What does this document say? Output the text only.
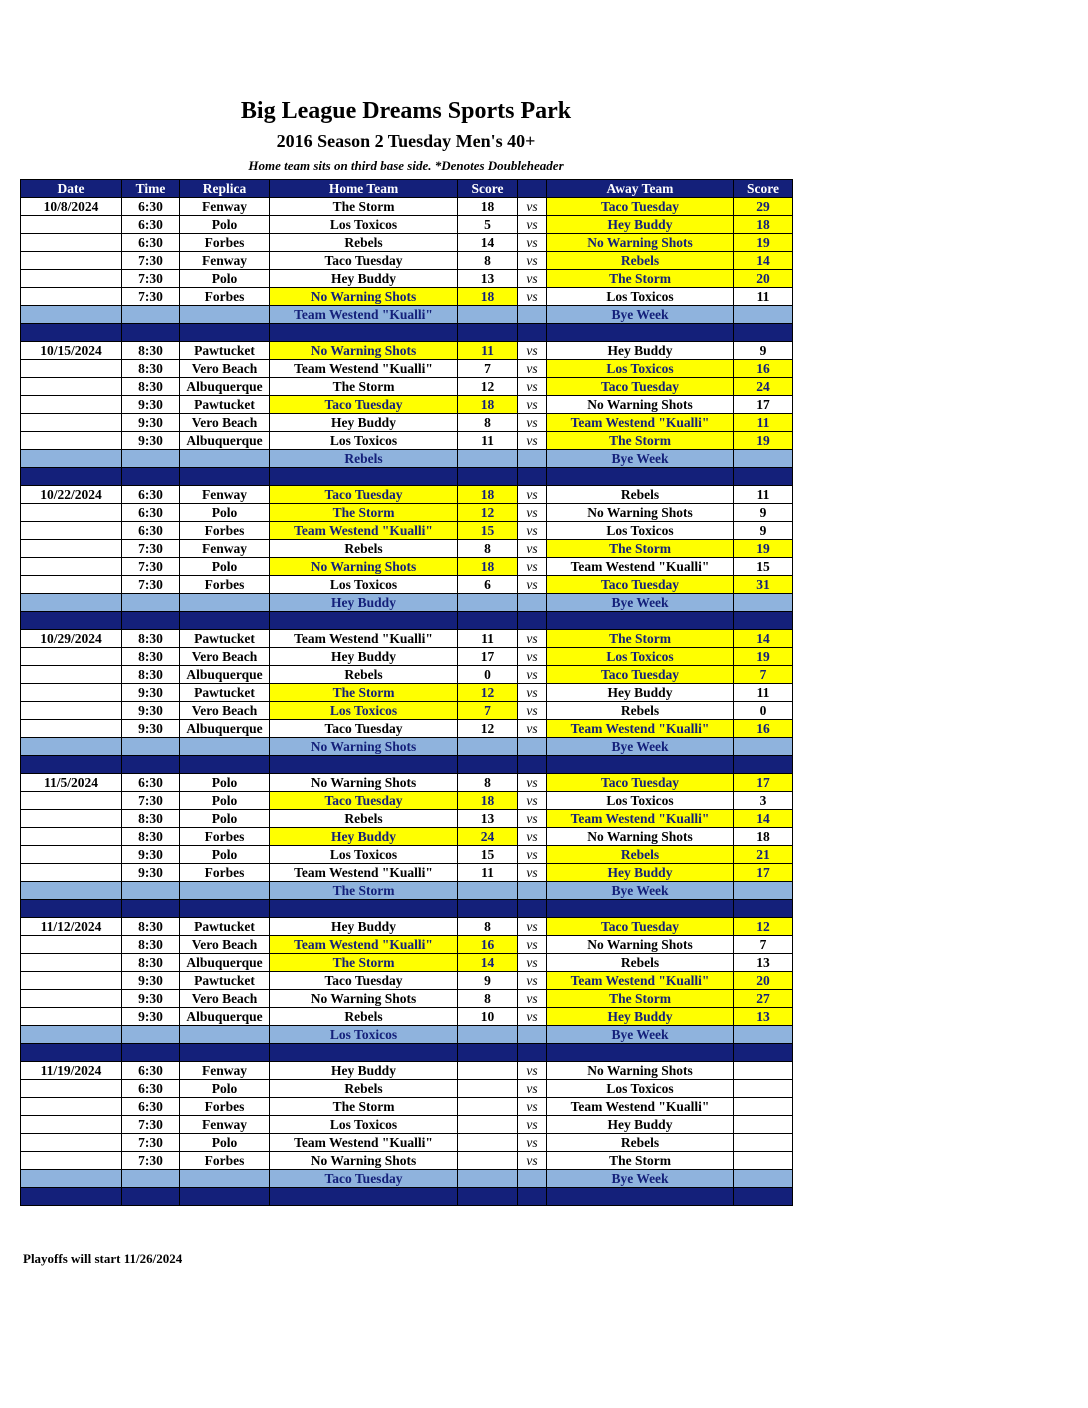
Big League Dreams Sports Park
2016 Season 2 Tuesday Men's 40+
Home team sits on third base side. *Denotes Doubleheader
Date	Time	Replica	Home Team	Score		Away Team	Score
10/8/2024	6:30	Fenway	The Storm	18	vs	Taco Tuesday	29
	6:30	Polo	Los Toxicos	5	vs	Hey Buddy	18
	6:30	Forbes	Rebels	14	vs	No Warning Shots	19
	7:30	Fenway	Taco Tuesday	8	vs	Rebels	14
	7:30	Polo	Hey Buddy	13	vs	The Storm	20
	7:30	Forbes	No Warning Shots	18	vs	Los Toxicos	11
			Team Westend "Kualli"			Bye Week	

10/15/2024	8:30	Pawtucket	No Warning Shots	11	vs	Hey Buddy	9
	8:30	Vero Beach	Team Westend "Kualli"	7	vs	Los Toxicos	16
	8:30	Albuquerque	The Storm	12	vs	Taco Tuesday	24
	9:30	Pawtucket	Taco Tuesday	18	vs	No Warning Shots	17
	9:30	Vero Beach	Hey Buddy	8	vs	Team Westend "Kualli"	11
	9:30	Albuquerque	Los Toxicos	11	vs	The Storm	19
			Rebels			Bye Week	

10/22/2024	6:30	Fenway	Taco Tuesday	18	vs	Rebels	11
	6:30	Polo	The Storm	12	vs	No Warning Shots	9
	6:30	Forbes	Team Westend "Kualli"	15	vs	Los Toxicos	9
	7:30	Fenway	Rebels	8	vs	The Storm	19
	7:30	Polo	No Warning Shots	18	vs	Team Westend "Kualli"	15
	7:30	Forbes	Los Toxicos	6	vs	Taco Tuesday	31
			Hey Buddy			Bye Week	

10/29/2024	8:30	Pawtucket	Team Westend "Kualli"	11	vs	The Storm	14
	8:30	Vero Beach	Hey Buddy	17	vs	Los Toxicos	19
	8:30	Albuquerque	Rebels	0	vs	Taco Tuesday	7
	9:30	Pawtucket	The Storm	12	vs	Hey Buddy	11
	9:30	Vero Beach	Los Toxicos	7	vs	Rebels	0
	9:30	Albuquerque	Taco Tuesday	12	vs	Team Westend "Kualli"	16
			No Warning Shots			Bye Week	

11/5/2024	6:30	Polo	No Warning Shots	8	vs	Taco Tuesday	17
	7:30	Polo	Taco Tuesday	18	vs	Los Toxicos	3
	8:30	Polo	Rebels	13	vs	Team Westend "Kualli"	14
	8:30	Forbes	Hey Buddy	24	vs	No Warning Shots	18
	9:30	Polo	Los Toxicos	15	vs	Rebels	21
	9:30	Forbes	Team Westend "Kualli"	11	vs	Hey Buddy	17
			The Storm			Bye Week	

11/12/2024	8:30	Pawtucket	Hey Buddy	8	vs	Taco Tuesday	12
	8:30	Vero Beach	Team Westend "Kualli"	16	vs	No Warning Shots	7
	8:30	Albuquerque	The Storm	14	vs	Rebels	13
	9:30	Pawtucket	Taco Tuesday	9	vs	Team Westend "Kualli"	20
	9:30	Vero Beach	No Warning Shots	8	vs	The Storm	27
	9:30	Albuquerque	Rebels	10	vs	Hey Buddy	13
			Los Toxicos			Bye Week	

11/19/2024	6:30	Fenway	Hey Buddy		vs	No Warning Shots	
	6:30	Polo	Rebels		vs	Los Toxicos	
	6:30	Forbes	The Storm		vs	Team Westend "Kualli"	
	7:30	Fenway	Los Toxicos		vs	Hey Buddy	
	7:30	Polo	Team Westend "Kualli"		vs	Rebels	
	7:30	Forbes	No Warning Shots		vs	The Storm	
			Taco Tuesday			Bye Week	

Playoffs will start 11/26/2024
